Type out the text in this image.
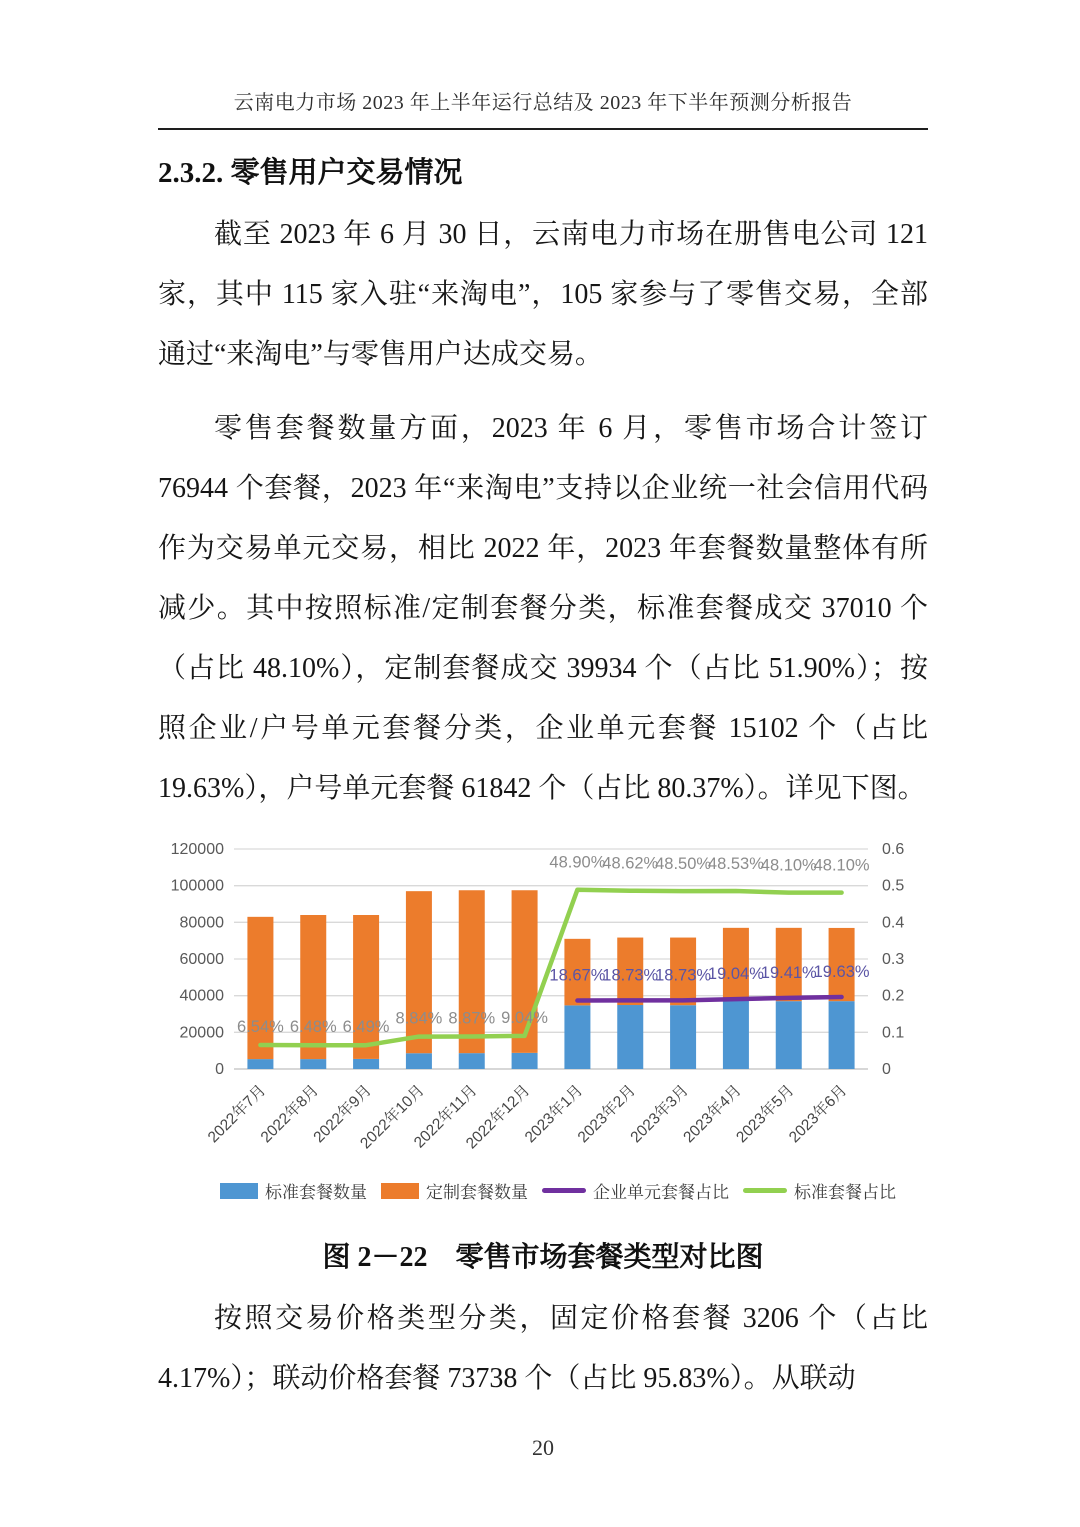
云南电力市场 2023 年上半年运行总结及 2023 年下半年预测分析报告
2.3.2. 零售用户交易情况

截至 2023 年 6 月 30 日，云南电力市场在册售电公司 121 家，其中 115 家入驻“来淘电”，105 家参与了零售交易，全部通过“来淘电”与零售用户达成交易。

零售套餐数量方面，2023 年 6 月，零售市场合计签订 76944 个套餐，2023 年“来淘电”支持以企业统一社会信用代码作为交易单元交易，相比 2022 年，2023 年套餐数量整体有所减少。其中按照标准/定制套餐分类，标准套餐成交 37010 个（占比 48.10%），定制套餐成交 39934 个（占比 51.90%）；按照企业/户号单元套餐分类，企业单元套餐 15102 个（占比 19.63%），户号单元套餐 61842 个（占比 80.37%）。详见下图。

0
20000
40000
60000
80000
100000
120000
0
0.1
0.2
0.3
0.4
0.5
0.6
18.67%
18.73%
18.73%
19.04%
19.41%
19.63%
6.54% 6.48% 6.49% 8.84% 8.87% 9.04%
48.90%
48.62%
48.50%
48.53%
48.10%
48.10%
2022年7月
2022年8月
2022年9月
2022年10月
2022年11月
2022年12月
2023年1月
2023年2月
2023年3月
2023年4月
2023年5月
2023年6月
标准套餐数量	定制套餐数量	企业单元套餐占比	标准套餐占比
图 2－22　零售市场套餐类型对比图

按照交易价格类型分类，固定价格套餐 3206 个（占比 4.17%）；联动价格套餐 73738 个（占比 95.83%）。从联动

20
